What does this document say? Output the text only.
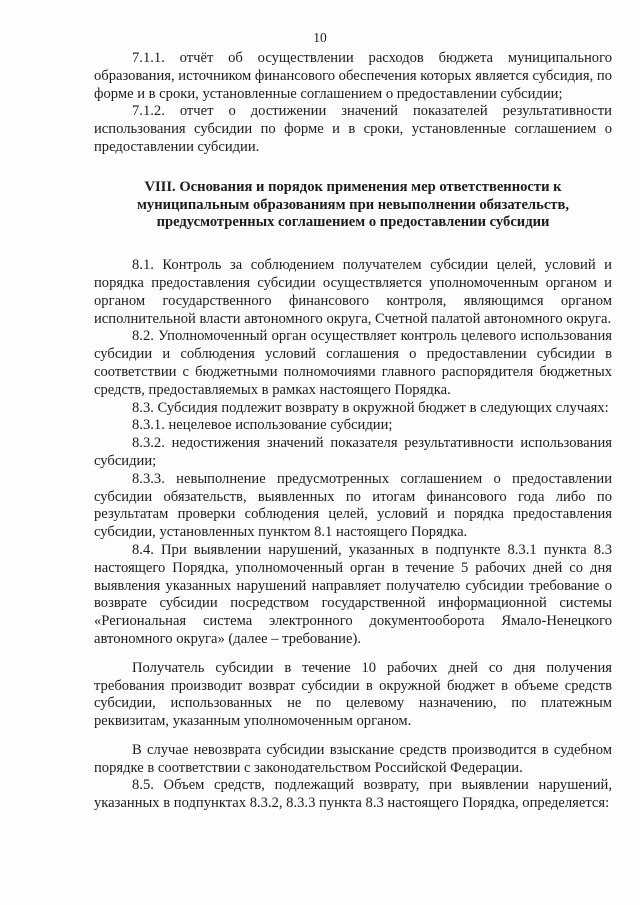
10

7.1.1. отчёт об осуществлении расходов бюджета муниципального образования, источником финансового обеспечения которых является субсидия, по форме и в сроки, установленные соглашением о предоставлении субсидии;

7.1.2. отчет о достижении значений показателей результативности использования субсидии по форме и в сроки, установленные соглашением о предоставлении субсидии.

VIII. Основания и порядок применения мер ответственности к муниципальным образованиям при невыполнении обязательств, предусмотренных соглашением о предоставлении субсидии

8.1. Контроль за соблюдением получателем субсидии целей, условий и порядка предоставления субсидии осуществляется уполномоченным органом и органом государственного финансового контроля, являющимся органом исполнительной власти автономного округа, Счетной палатой автономного округа.

8.2. Уполномоченный орган осуществляет контроль целевого использования субсидии и соблюдения условий соглашения о предоставлении субсидии в соответствии с бюджетными полномочиями главного распорядителя бюджетных средств, предоставляемых в рамках настоящего Порядка.

8.3. Субсидия подлежит возврату в окружной бюджет в следующих случаях:

8.3.1. нецелевое использование субсидии;

8.3.2. недостижения значений показателя результативности использования субсидии;

8.3.3. невыполнение предусмотренных соглашением о предоставлении субсидии обязательств, выявленных по итогам финансового года либо по результатам проверки соблюдения целей, условий и порядка предоставления субсидии, установленных пунктом 8.1 настоящего Порядка.

8.4. При выявлении нарушений, указанных в подпункте 8.3.1 пункта 8.3 настоящего Порядка, уполномоченный орган в течение 5 рабочих дней со дня выявления указанных нарушений направляет получателю субсидии требование о возврате субсидии посредством государственной информационной системы «Региональная система электронного документооборота Ямало-Ненецкого автономного округа» (далее – требование).

Получатель субсидии в течение 10 рабочих дней со дня получения требования производит возврат субсидии в окружной бюджет в объеме средств субсидии, использованных не по целевому назначению, по платежным реквизитам, указанным уполномоченным органом.

В случае невозврата субсидии взыскание средств производится в судебном порядке в соответствии с законодательством Российской Федерации.

8.5. Объем средств, подлежащий возврату, при выявлении нарушений, указанных в подпунктах 8.3.2, 8.3.3 пункта 8.3 настоящего Порядка, определяется:
